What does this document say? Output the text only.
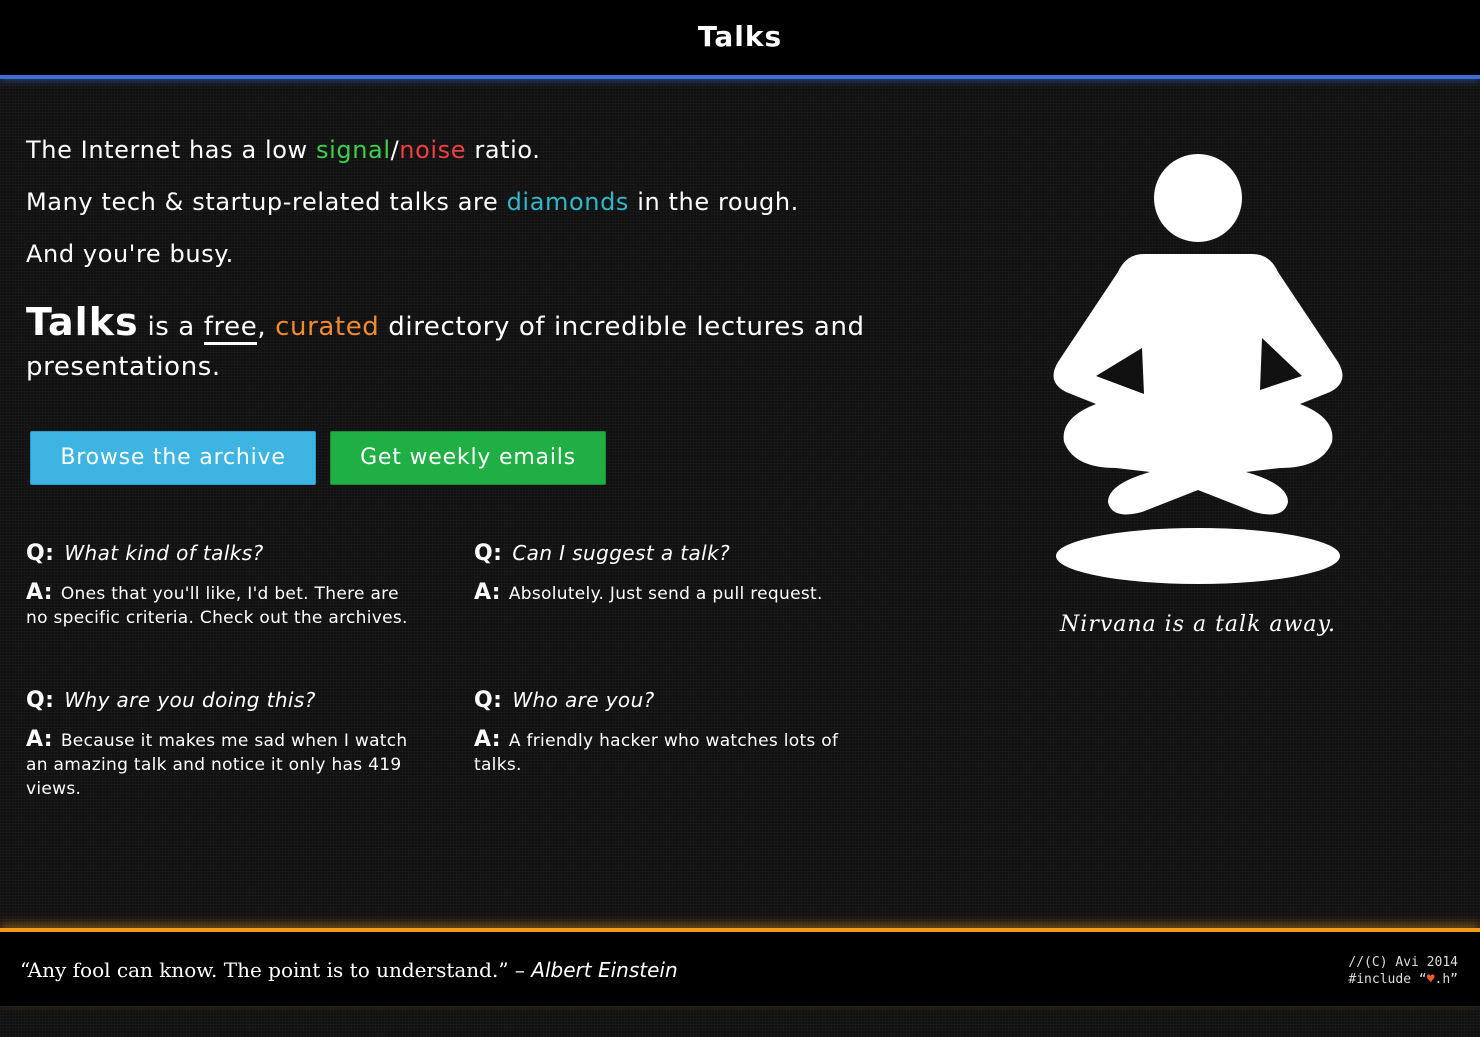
Talks

The Internet has a low signal/noise ratio.

Many tech & startup-related talks are diamonds in the rough.

And you're busy.

Talks is a free, curated directory of incredible lectures and presentations.
Browse the archive	Get weekly emails
Q: What kind of talks?
A: Ones that you'll like, I'd bet. There are no specific criteria. Check out the archives.
Q: Can I suggest a talk?
A: Absolutely. Just send a pull request.
Q: Why are you doing this?
A: Because it makes me sad when I watch an amazing talk and notice it only has 419 views.
Q: Who are you?
A: A friendly hacker who watches lots of talks.
Nirvana is a talk away.
“Any fool can know. The point is to understand.” – Albert Einstein	//(C) Avi 2014
#include “♥.h”
